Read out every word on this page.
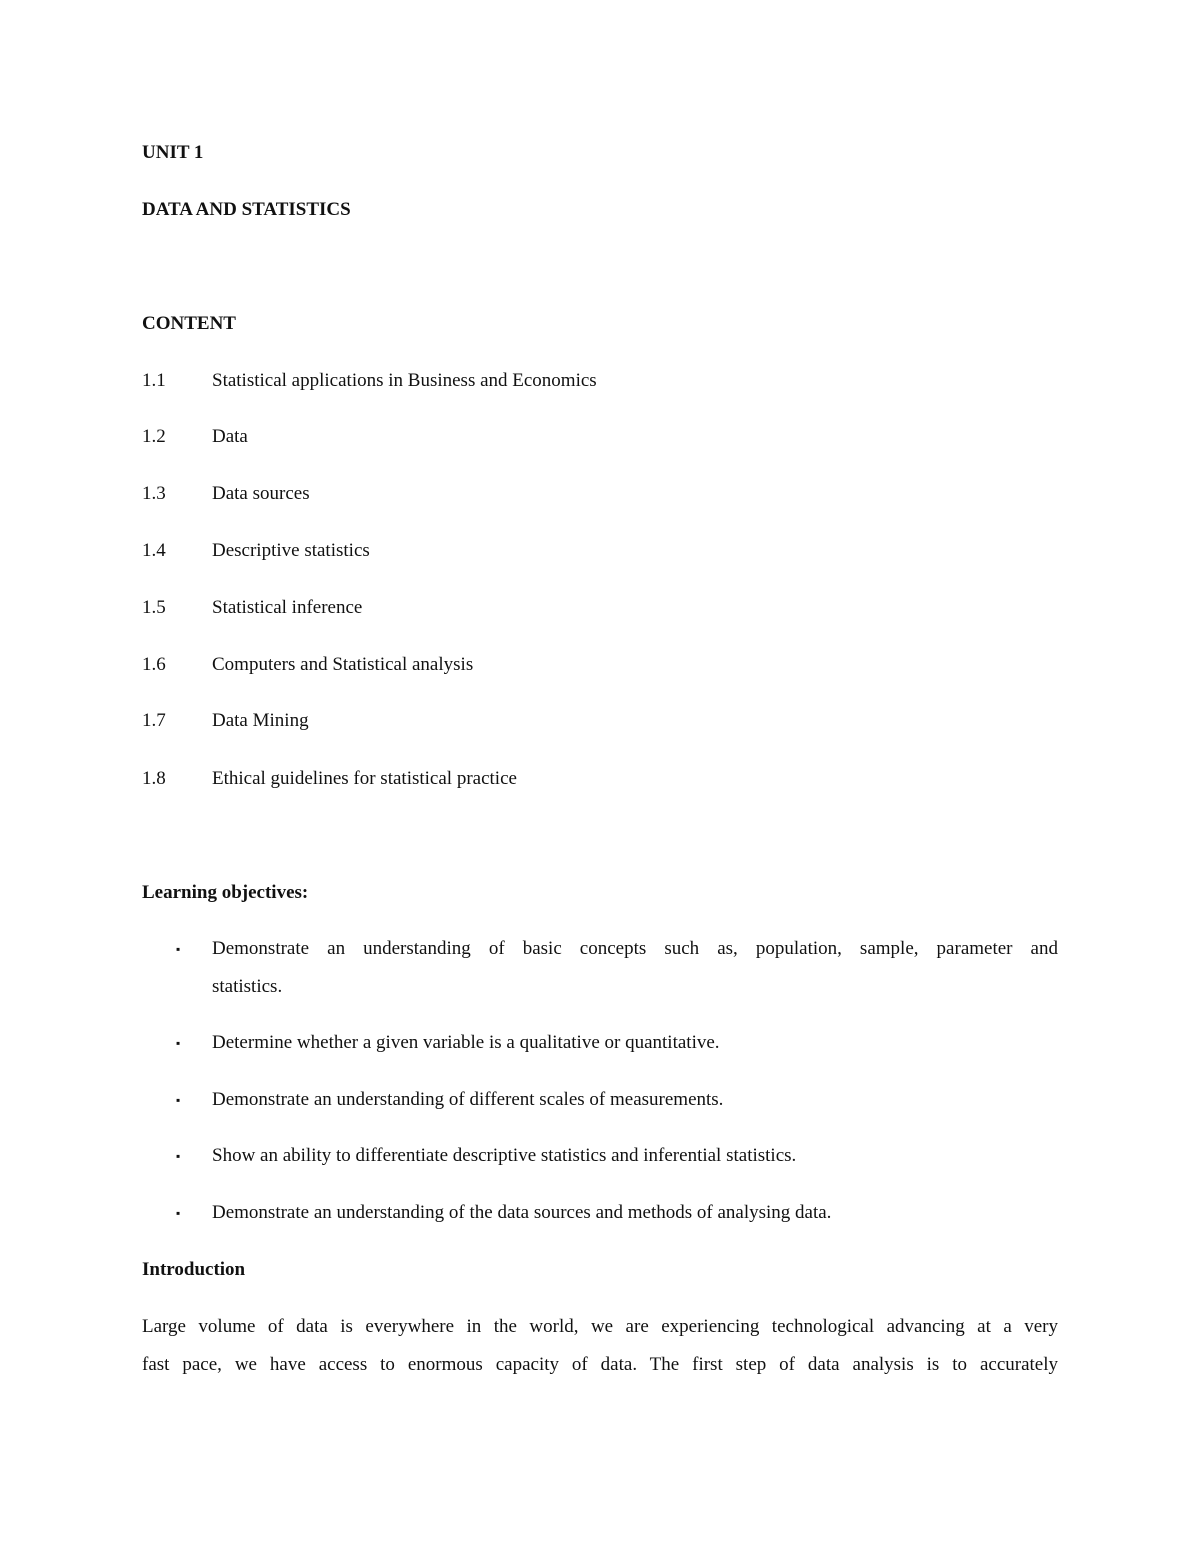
UNIT 1
DATA AND STATISTICS
CONTENT
1.1 Statistical applications in Business and Economics
1.2 Data
1.3 Data sources
1.4 Descriptive statistics
1.5 Statistical inference
1.6 Computers and Statistical analysis
1.7 Data Mining
1.8 Ethical guidelines for statistical practice
Learning objectives:
▪ Demonstrate an understanding of basic concepts such as, population, sample, parameter and
statistics.
▪ Determine whether a given variable is a qualitative or quantitative.
▪ Demonstrate an understanding of different scales of measurements.
▪ Show an ability to differentiate descriptive statistics and inferential statistics.
▪ Demonstrate an understanding of the data sources and methods of analysing data.
Introduction
Large volume of data is everywhere in the world, we are experiencing technological advancing at a very
fast pace, we have access to enormous capacity of data. The first step of data analysis is to accurately
